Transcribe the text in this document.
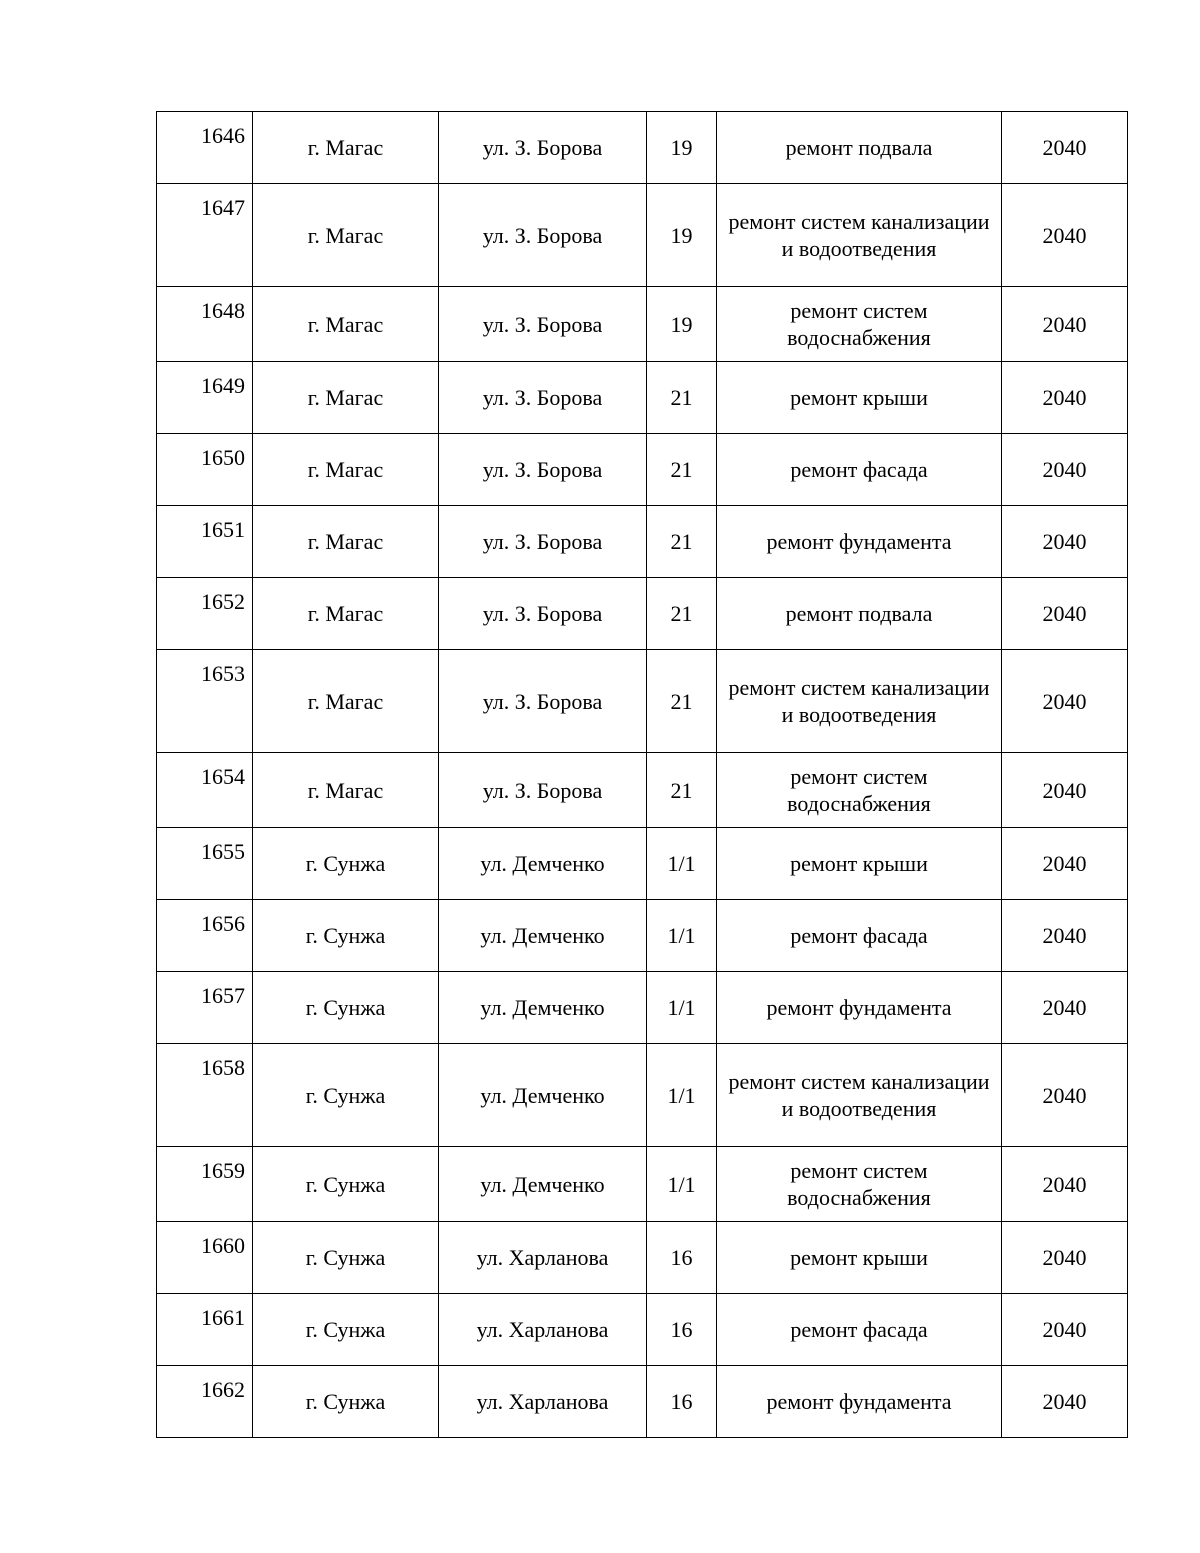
1646	г. Магас	ул. З. Борова	19	ремонт подвала	2040
1647	г. Магас	ул. З. Борова	19	ремонт систем канализации и водоотведения	2040
1648	г. Магас	ул. З. Борова	19	ремонт систем водоснабжения	2040
1649	г. Магас	ул. З. Борова	21	ремонт крыши	2040
1650	г. Магас	ул. З. Борова	21	ремонт фасада	2040
1651	г. Магас	ул. З. Борова	21	ремонт фундамента	2040
1652	г. Магас	ул. З. Борова	21	ремонт подвала	2040
1653	г. Магас	ул. З. Борова	21	ремонт систем канализации и водоотведения	2040
1654	г. Магас	ул. З. Борова	21	ремонт систем водоснабжения	2040
1655	г. Сунжа	ул. Демченко	1/1	ремонт крыши	2040
1656	г. Сунжа	ул. Демченко	1/1	ремонт фасада	2040
1657	г. Сунжа	ул. Демченко	1/1	ремонт фундамента	2040
1658	г. Сунжа	ул. Демченко	1/1	ремонт систем канализации и водоотведения	2040
1659	г. Сунжа	ул. Демченко	1/1	ремонт систем водоснабжения	2040
1660	г. Сунжа	ул. Харланова	16	ремонт крыши	2040
1661	г. Сунжа	ул. Харланова	16	ремонт фасада	2040
1662	г. Сунжа	ул. Харланова	16	ремонт фундамента	2040
